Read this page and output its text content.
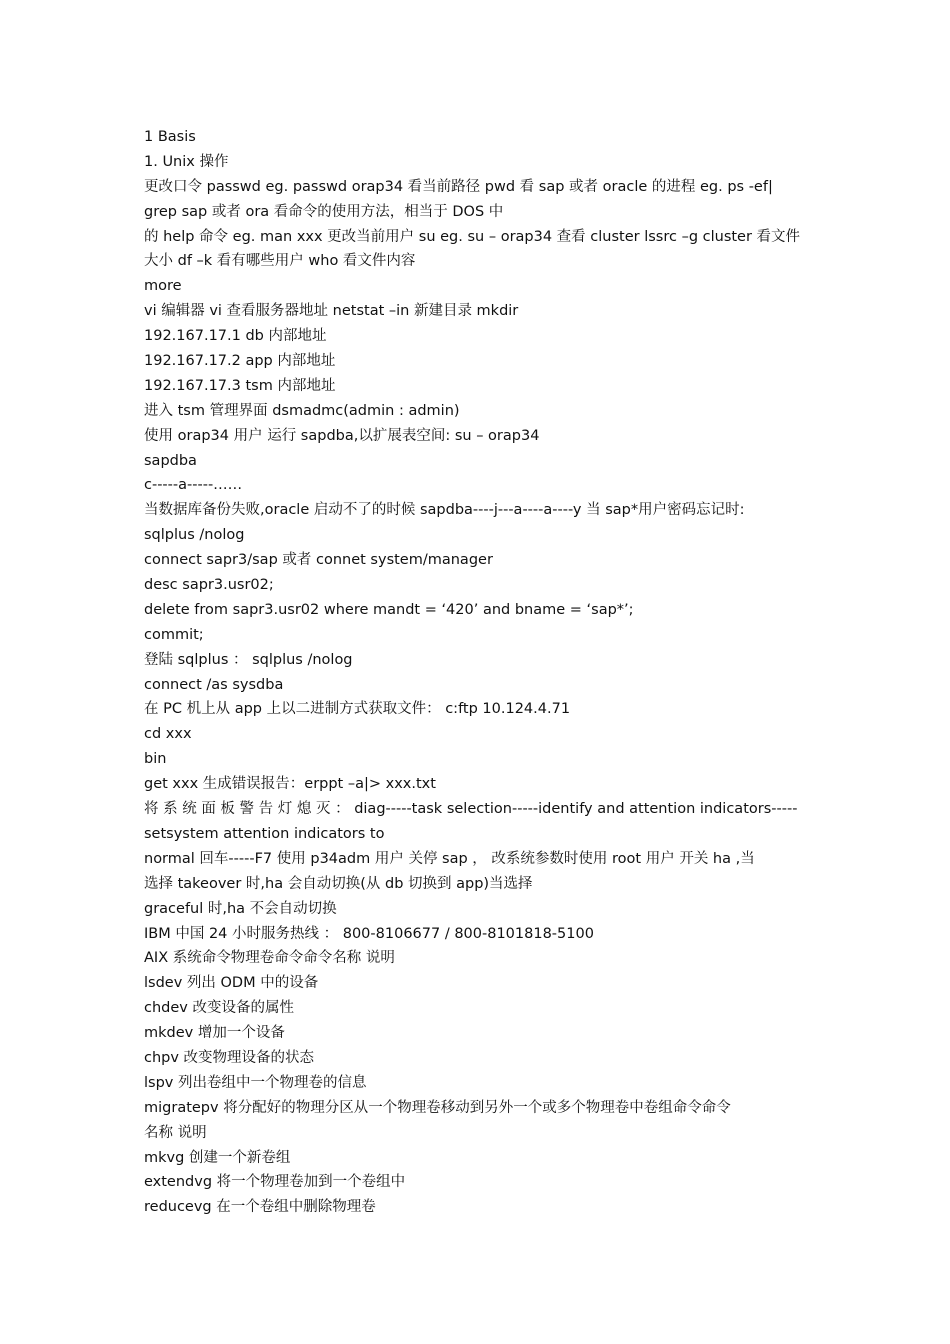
1 Basis
1. Unix 操作
更改口令 passwd eg. passwd orap34 看当前路径 pwd 看 sap 或者 oracle 的进程 eg. ps -ef|
grep sap 或者 ora 看命令的使用方法，相当于 DOS 中
的 help 命令 eg. man xxx 更改当前用户 su eg. su – orap34 查看 cluster lssrc –g cluster 看文件
大小 df –k 看有哪些用户 who 看文件内容
more
vi 编辑器 vi 查看服务器地址 netstat –in 新建目录 mkdir
192.167.17.1 db 内部地址
192.167.17.2 app 内部地址
192.167.17.3 tsm 内部地址
进入 tsm 管理界面 dsmadmc(admin : admin)
使用 orap34 用户 运行 sapdba,以扩展表空间: su – orap34
sapdba
c-----a-----……
当数据库备份失败,oracle 启动不了的时候 sapdba----j---a----a----y 当 sap*用户密码忘记时:
sqlplus /nolog
connect sapr3/sap 或者 connet system/manager
desc sapr3.usr02;
delete from sapr3.usr02 where mandt = ‘420’ and bname = ‘sap*’;
commit;
登陆 sqlplus ： sqlplus /nolog
connect /as sysdba
在 PC 机上从 app 上以二进制方式获取文件： c:ftp 10.124.4.71
cd xxx
bin
get xxx 生成错误报告：erppt –a|> xxx.txt
将 系 统 面 板 警 告 灯 熄 灭 ： diag-----task selection-----identify and attention indicators-----
setsystem attention indicators to
normal 回车-----F7 使用 p34adm 用户 关停 sap ， 改系统参数时使用 root 用户 开关 ha ,当
选择 takeover 时,ha 会自动切换(从 db 切换到 app)当选择
graceful 时,ha 不会自动切换
IBM 中国 24 小时服务热线 ： 800-8106677 / 800-8101818-5100
AIX 系统命令物理卷命令命令名称 说明
lsdev 列出 ODM 中的设备
chdev 改变设备的属性
mkdev 增加一个设备
chpv 改变物理设备的状态
lspv 列出卷组中一个物理卷的信息
migratepv 将分配好的物理分区从一个物理卷移动到另外一个或多个物理卷中卷组命令命令
名称 说明
mkvg 创建一个新卷组
extendvg 将一个物理卷加到一个卷组中
reducevg 在一个卷组中删除物理卷
